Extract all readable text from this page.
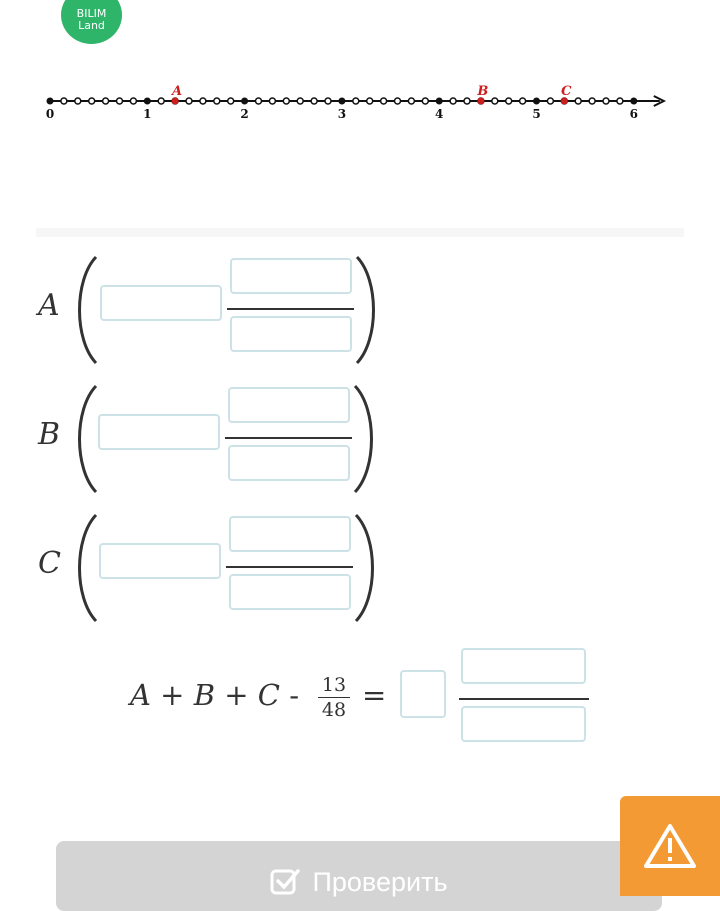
BILIM
Land
0	1	2	3	4	5	6
A	B	C
A
B
C
A + B + C - 13
48 =
Проверить
